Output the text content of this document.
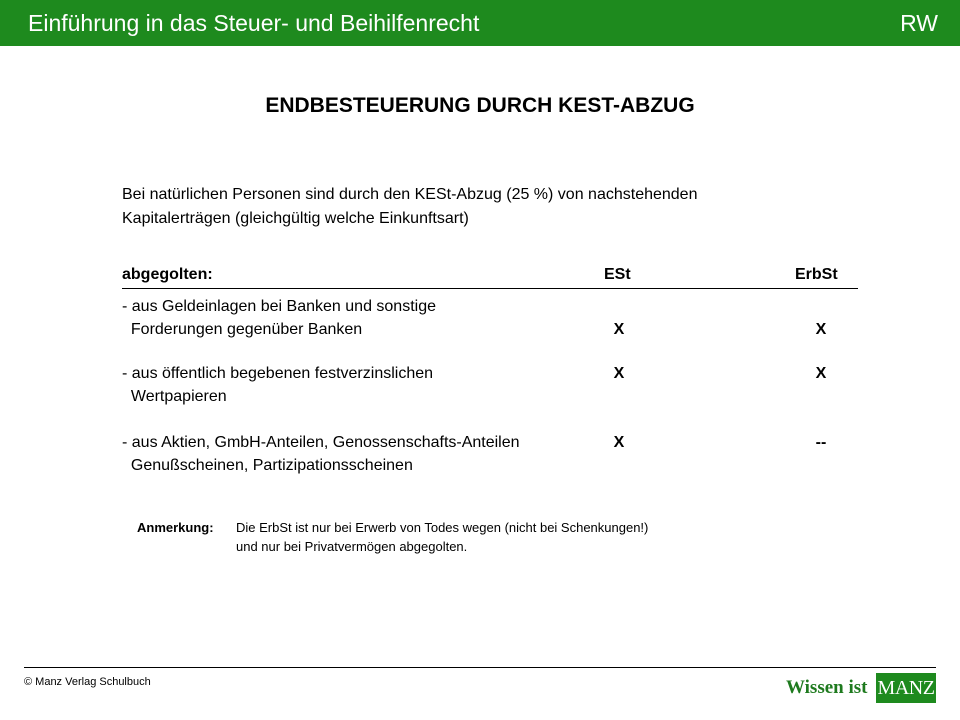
Einführung in das Steuer- und Beihilfenrecht	RW
ENDBESTEUERUNG DURCH KEST-ABZUG
Bei natürlichen Personen sind durch den KESt-Abzug (25 %) von nachstehenden
Kapitalerträgen (gleichgültig welche Einkunftsart)
abgegolten:	ESt	ErbSt
- aus Geldeinlagen bei Banken und sonstige
Forderungen gegenüber Banken	X	X
- aus öffentlich begebenen festverzinslichen
Wertpapieren
X	X
- aus Aktien, GmbH-Anteilen, Genossenschafts-Anteilen
Genußscheinen, Partizipationsscheinen
X	--
Anmerkung: Die ErbSt ist nur bei Erwerb von Todes wegen (nicht bei Schenkungen!)
und nur bei Privatvermögen abgegolten.
© Manz Verlag Schulbuch	Wissen ist MANZ
